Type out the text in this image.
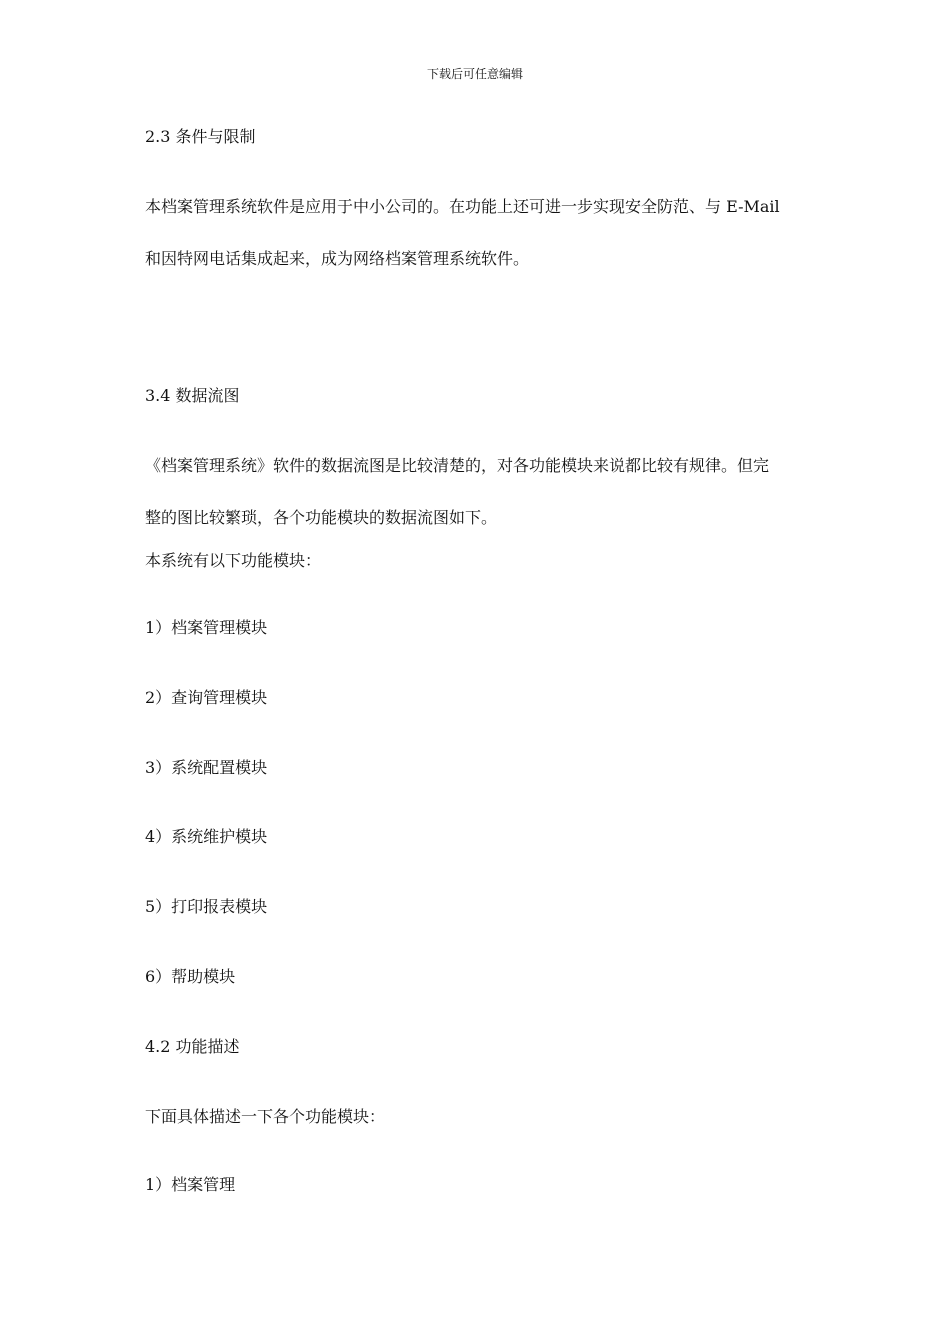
下载后可任意编辑
2.3 条件与限制
本档案管理系统软件是应用于中小公司的。在功能上还可进一步实现安全防范、与 E-Mail
和因特网电话集成起来，成为网络档案管理系统软件。
3.4 数据流图
《档案管理系统》软件的数据流图是比较清楚的，对各功能模块来说都比较有规律。但完
整的图比较繁琐，各个功能模块的数据流图如下。
本系统有以下功能模块：
1）档案管理模块
2）查询管理模块
3）系统配置模块
4）系统维护模块
5）打印报表模块
6）帮助模块
4.2 功能描述
下面具体描述一下各个功能模块：
1）档案管理
